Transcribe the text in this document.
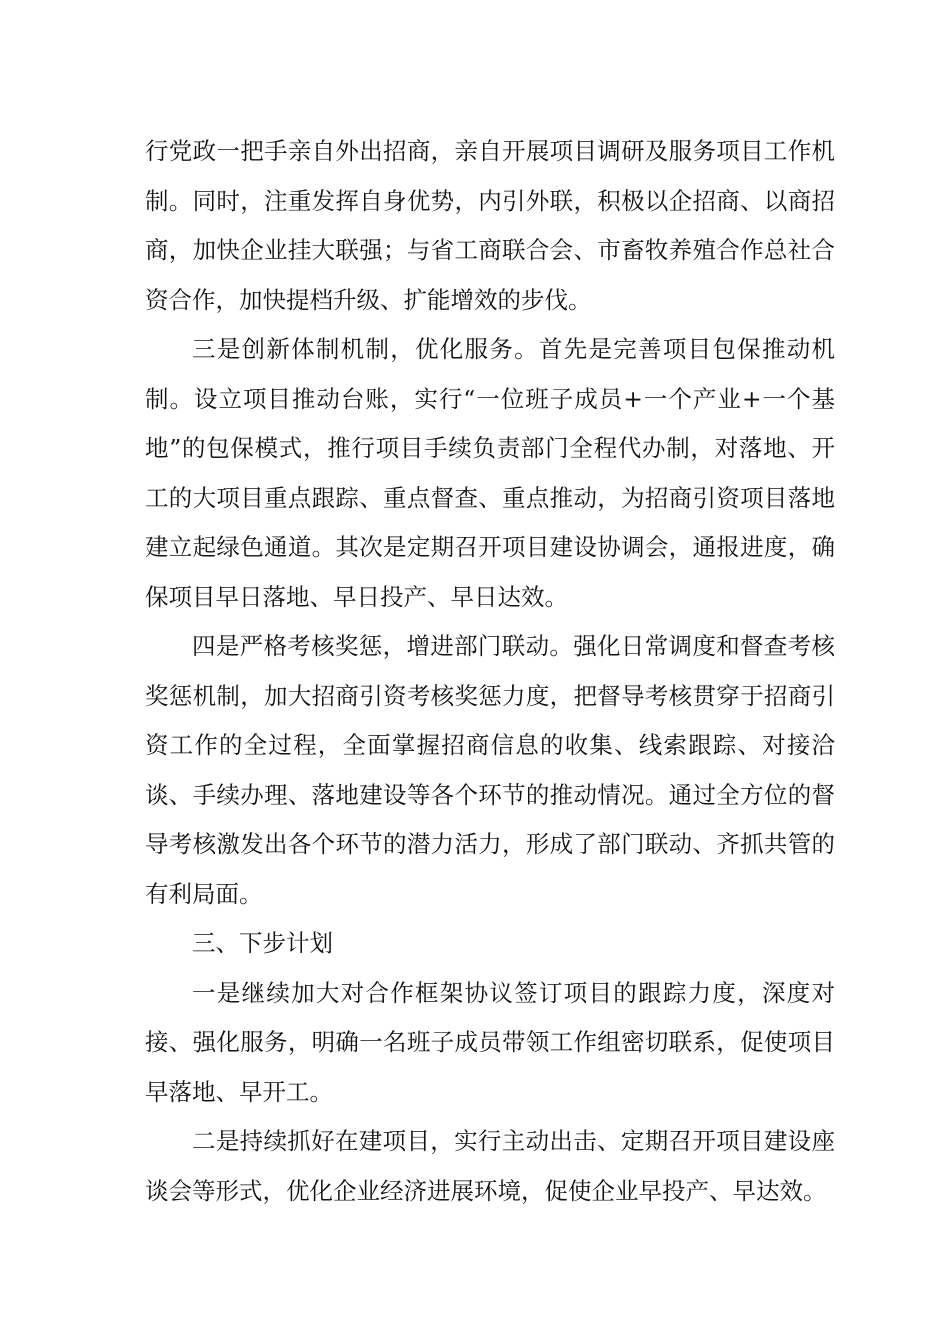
行党政一把手亲自外出招商，亲自开展项目调研及服务项目工作机制。同时，注重发挥自身优势，内引外联，积极以企招商、以商招商，加快企业挂大联强；与省工商联合会、市畜牧养殖合作总社合资合作，加快提档升级、扩能增效的步伐。

三是创新体制机制，优化服务。首先是完善项目包保推动机制。设立项目推动台账，实行“一位班子成员+一个产业+一个基地”的包保模式，推行项目手续负责部门全程代办制，对落地、开工的大项目重点跟踪、重点督查、重点推动，为招商引资项目落地建立起绿色通道。其次是定期召开项目建设协调会，通报进度，确保项目早日落地、早日投产、早日达效。

四是严格考核奖惩，增进部门联动。强化日常调度和督查考核奖惩机制，加大招商引资考核奖惩力度，把督导考核贯穿于招商引资工作的全过程，全面掌握招商信息的收集、线索跟踪、对接洽谈、手续办理、落地建设等各个环节的推动情况。通过全方位的督导考核激发出各个环节的潜力活力，形成了部门联动、齐抓共管的有利局面。

三、下步计划

一是继续加大对合作框架协议签订项目的跟踪力度，深度对接、强化服务，明确一名班子成员带领工作组密切联系，促使项目早落地、早开工。

二是持续抓好在建项目，实行主动出击、定期召开项目建设座谈会等形式，优化企业经济进展环境，促使企业早投产、早达效。
